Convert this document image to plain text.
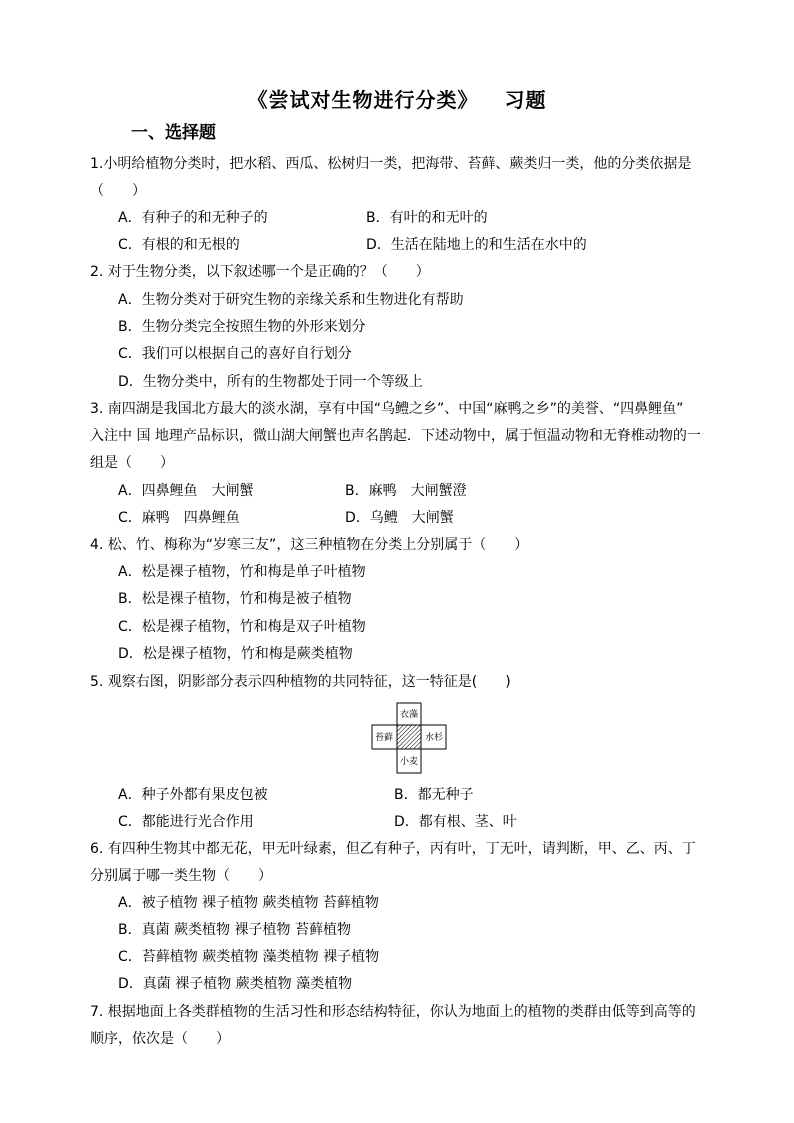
《尝试对生物进行分类》 习题
一、选择题
1.小明给植物分类时，把水稻、西瓜、松树归一类，把海带、苔藓、蕨类归一类，他的分类依据是
（　　）
A．有种子的和无种子的	B．有叶的和无叶的
C．有根的和无根的	D．生活在陆地上的和生活在水中的
2. 对于生物分类，以下叙述哪一个是正确的？（　　）
A．生物分类对于研究生物的亲缘关系和生物进化有帮助
B．生物分类完全按照生物的外形来划分
C．我们可以根据自己的喜好自行划分
D．生物分类中，所有的生物都处于同一个等级上
3. 南四湖是我国北方最大的淡水湖，享有中国“乌鳢之乡”、中国“麻鸭之乡”的美誉、“四鼻鲤鱼”
入注中 国 地理产品标识，微山湖大闸蟹也声名鹊起．下述动物中，属于恒温动物和无脊椎动物的一
组是（　　）
A．四鼻鲤鱼　大闸蟹	B．麻鸭　大闸蟹澄
C．麻鸭　四鼻鲤鱼	D．乌鳢　大闸蟹
4. 松、竹、梅称为“岁寒三友”，这三种植物在分类上分别属于（　　）
A．松是裸子植物，竹和梅是单子叶植物
B．松是裸子植物，竹和梅是被子植物
C．松是裸子植物，竹和梅是双子叶植物
D．松是裸子植物，竹和梅是蕨类植物
5. 观察右图，阴影部分表示四种植物的共同特征，这一特征是(　　)
衣藻
苔藓	水杉
小麦
A．种子外都有果皮包被	B．都无种子
C．都能进行光合作用	D．都有根、茎、叶
6. 有四种生物其中都无花，甲无叶绿素，但乙有种子，丙有叶，丁无叶，请判断，甲、乙、丙、丁
分别属于哪一类生物（　　）
A．被子植物 裸子植物 蕨类植物 苔藓植物
B．真菌 蕨类植物 裸子植物 苔藓植物
C．苔藓植物 蕨类植物 藻类植物 裸子植物
D．真菌 裸子植物 蕨类植物 藻类植物
7. 根据地面上各类群植物的生活习性和形态结构特征，你认为地面上的植物的类群由低等到高等的
顺序，依次是（　　）
